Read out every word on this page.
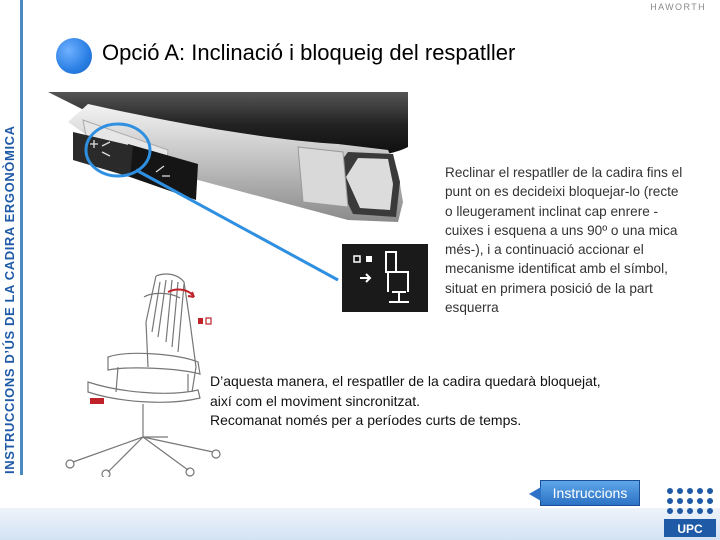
INSTRUCCIONS D’ÚS DE LA CADIRA ERGONÒMICA
HAWORTH
Opció A: Inclinació i bloqueig del respatller
Reclinar el respatller de la cadira fins el punt on es decideixi bloquejar-lo (recte o lleugerament inclinat cap enrere -cuixes i esquena a uns 90º o una mica més-), i a continuació accionar el mecanisme identificat amb el símbol, situat en primera posició de la part esquerra
D’aquesta manera, el respatller de la cadira quedarà bloquejat,
així com el moviment sincronitzat.
Recomanat només per a períodes curts de temps.
Instruccions
UPC
